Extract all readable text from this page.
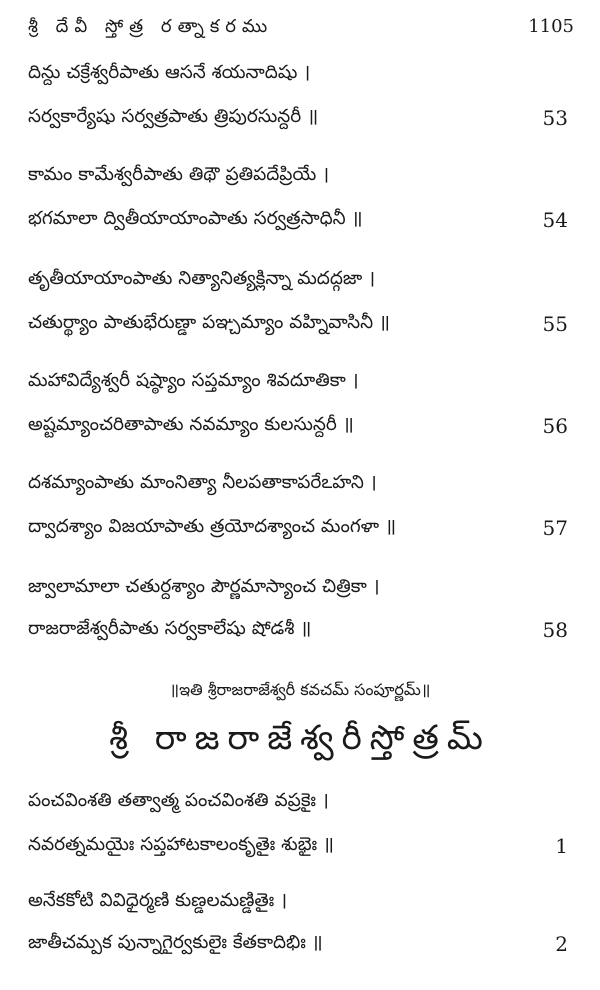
శ్రీ దేవీ స్తోత్ర రత్నాకరము	1105
దిన్దు చక్రేశ్వరీపాతు ఆసనే శయనాదిషు ।
సర్వకార్యేషు సర్వత్రపాతు త్రిపురసున్దరీ ॥	53
కామం కామేశ్వరీపాతు తిథౌ ప్రతిపదేప్రియే ।
భగమాలా ద్వితీయాయాంపాతు సర్వత్రసాధినీ ॥	54
తృతీయాయాంపాతు నిత్యానిత్యక్లిన్నా మదద్గజా ।
చతుర్థ్యాం పాతుభేరుణ్డా పఞ్చమ్యాం వహ్నివాసినీ ॥	55
మహావిద్యేశ్వరీ షష్ఠ్యాం సప్తమ్యాం శివదూతికా ।
అష్టమ్యాంచరితాపాతు నవమ్యాం కులసున్దరీ ॥	56
దశమ్యాంపాతు మాంనిత్యా నీలపతాకాపరేఽహని ।
ద్వాదశ్యాం విజయాపాతు త్రయోదశ్యాంచ మంగళా ॥	57
జ్వాలామాలా చతుర్దశ్యాం పౌర్ణమాస్యాంచ చిత్రికా ।
రాజరాజేశ్వరీపాతు సర్వకాలేషు షోడశీ ॥	58
॥ఇతి శ్రీరాజరాజేశ్వరీ కవచమ్ సంపూర్ణమ్॥
శ్రీ రాజరాజేశ్వరీస్తోత్రమ్
పంచవింశతి తత్వాత్మ పంచవింశతి వప్రకైః ।
నవరత్నమయైః సప్తహాటకాలంకృతైః శుభైః ॥	1
అనేకకోటి వివిధైర్మణి కుణ్డలమణ్డితైః ।
జాతీచమ్పక పున్నాగైర్వకులైః కేతకాదిభిః ॥	2
